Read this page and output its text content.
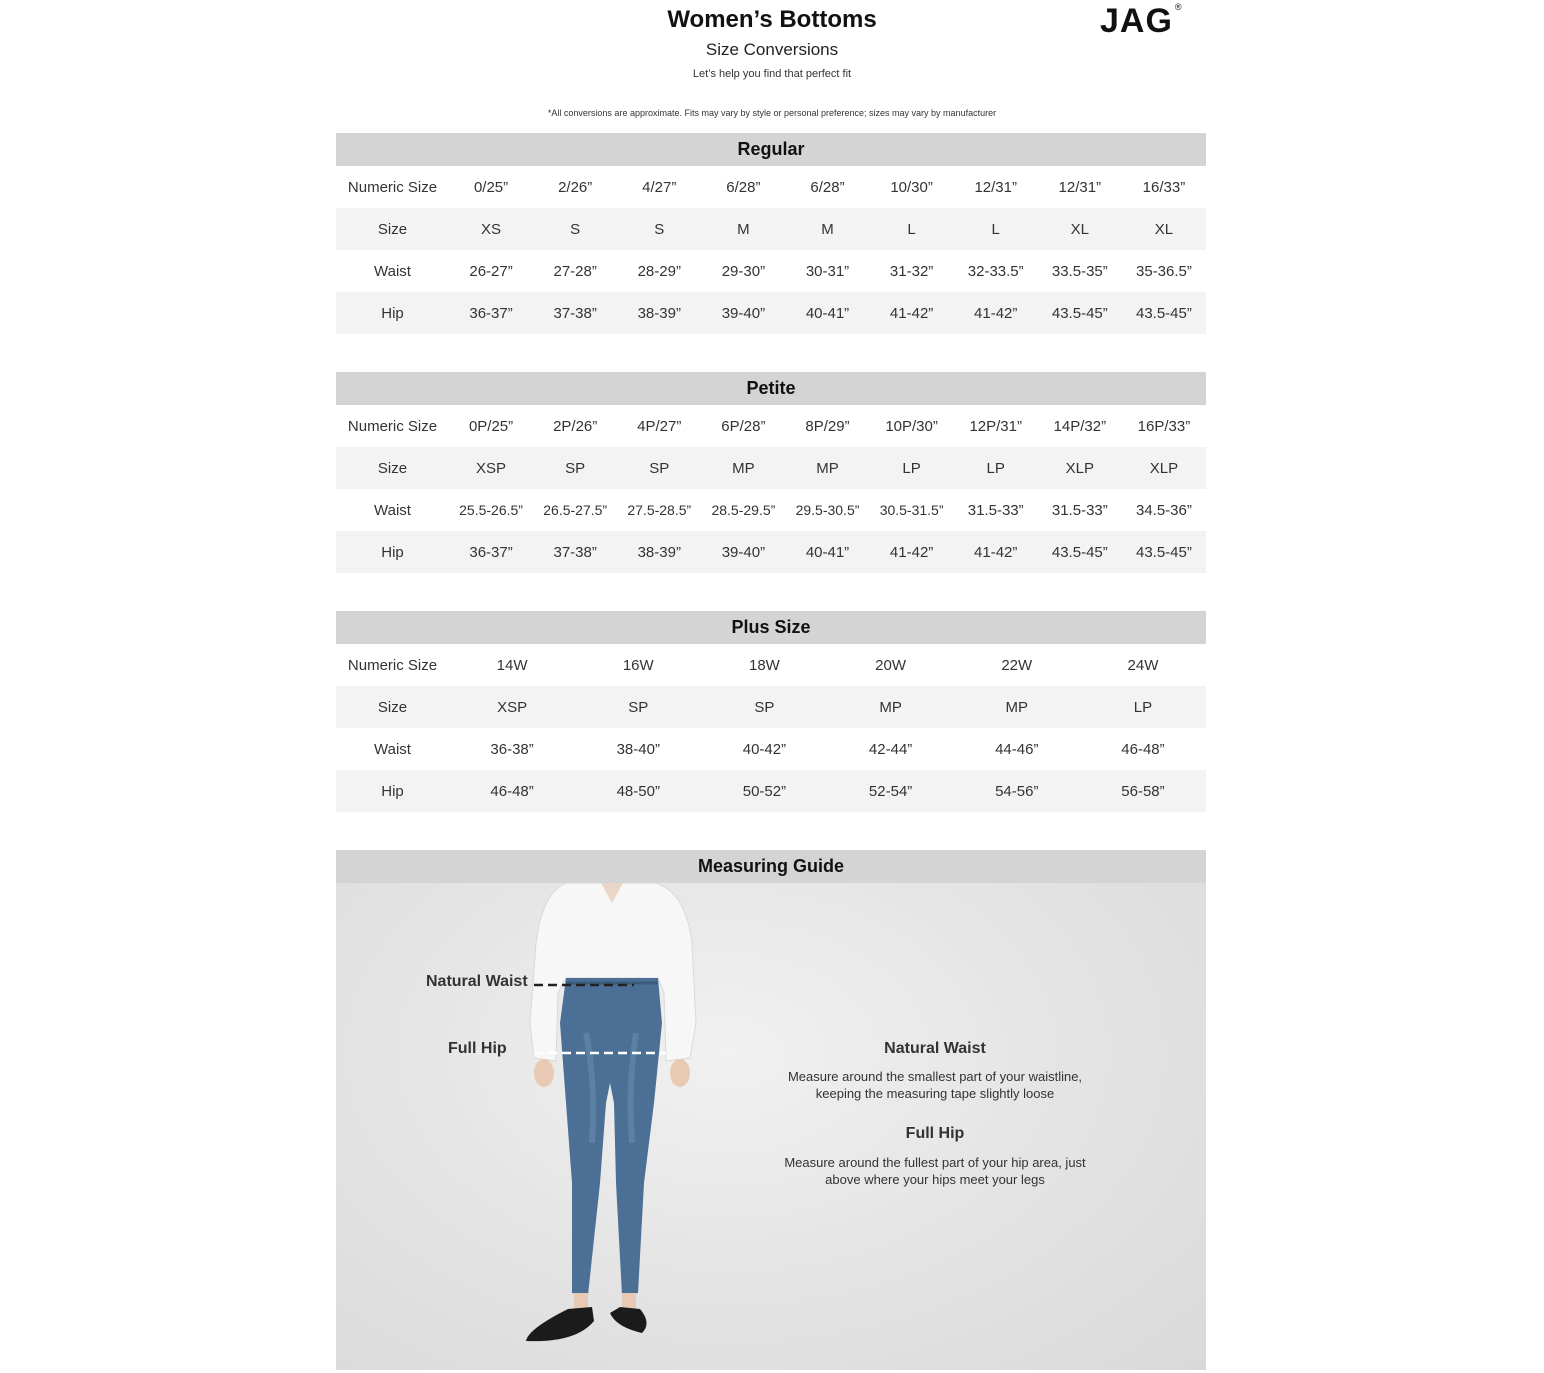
Women’s Bottoms
Size Conversions
Let’s help you find that perfect fit
*All conversions are approximate. Fits may vary by style or personal preference; sizes may vary by manufacturer
JAG ®
Regular
Numeric Size	0/25”	2/26”	4/27”	6/28”	6/28”	10/30”	12/31”	12/31”	16/33”
Size	XS	S	S	M	M	L	L	XL	XL
Waist	26-27”	27-28”	28-29”	29-30”	30-31”	31-32”	32-33.5”	33.5-35”	35-36.5”
Hip	36-37”	37-38”	38-39”	39-40”	40-41”	41-42”	41-42”	43.5-45”	43.5-45”
Petite
Numeric Size	0P/25”	2P/26”	4P/27”	6P/28”	8P/29”	10P/30”	12P/31”	14P/32”	16P/33”
Size	XSP	SP	SP	MP	MP	LP	LP	XLP	XLP
Waist	25.5-26.5”	26.5-27.5”	27.5-28.5”	28.5-29.5”	29.5-30.5”	30.5-31.5”	31.5-33”	31.5-33”	34.5-36”
Hip	36-37”	37-38”	38-39”	39-40”	40-41”	41-42”	41-42”	43.5-45”	43.5-45”
Plus Size
Numeric Size	14W	16W	18W	20W	22W	24W
Size	XSP	SP	SP	MP	MP	LP
Waist	36-38”	38-40”	40-42”	42-44”	44-46”	46-48”
Hip	46-48”	48-50”	50-52”	52-54”	54-56”	56-58”
Measuring Guide
Natural Waist
Full Hip	Natural Waist
Measure around the smallest part of your waistline,
keeping the measuring tape slightly loose
Full Hip
Measure around the fullest part of your hip area, just
above where your hips meet your legs
